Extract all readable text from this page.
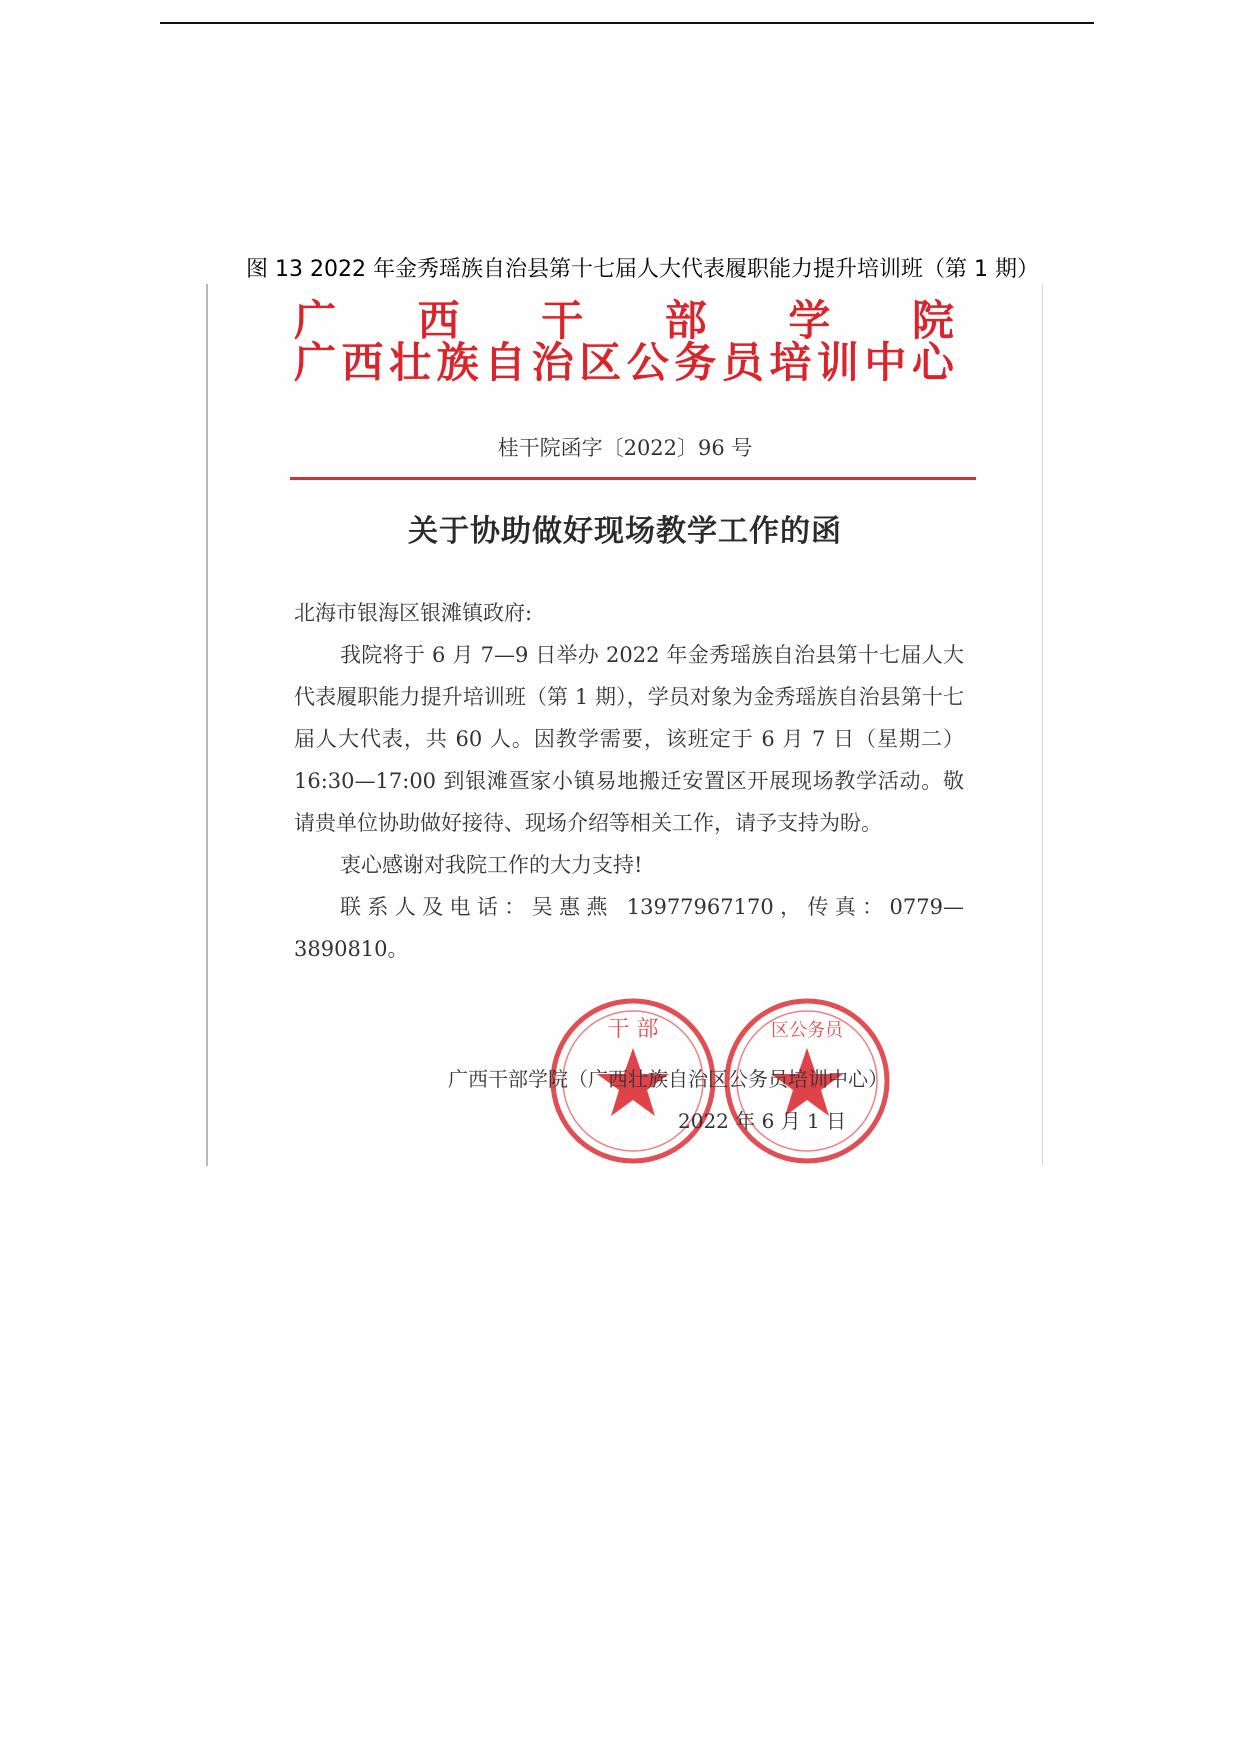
图 13 2022 年金秀瑶族自治县第十七届人大代表履职能力提升培训班（第 1 期）
广 西 干 部 学 院
广 西 壮 族 自 治 区 公 务 员 培 训 中 心
桂干院函字〔2022〕96 号
关于协助做好现场教学工作的函

北海市银海区银滩镇政府:

我院将于 6 月 7—9 日举办 2022 年金秀瑶族自治县第十七届人大代表履职能力提升培训班（第 1 期），学员对象为金秀瑶族自治县第十七届人大代表，共 60 人。因教学需要，该班定于 6 月 7 日（星期二）16:30—17:00 到银滩疍家小镇易地搬迁安置区开展现场教学活动。敬请贵单位协助做好接待、现场介绍等相关工作，请予支持为盼。

衷心感谢对我院工作的大力支持!

联系人及电话：吴惠燕 13977967170，传真：0779—3890810。

干 部	区公务员
广西干部学院（广西壮族自治区公务员培训中心）
2022 年 6 月 1 日
